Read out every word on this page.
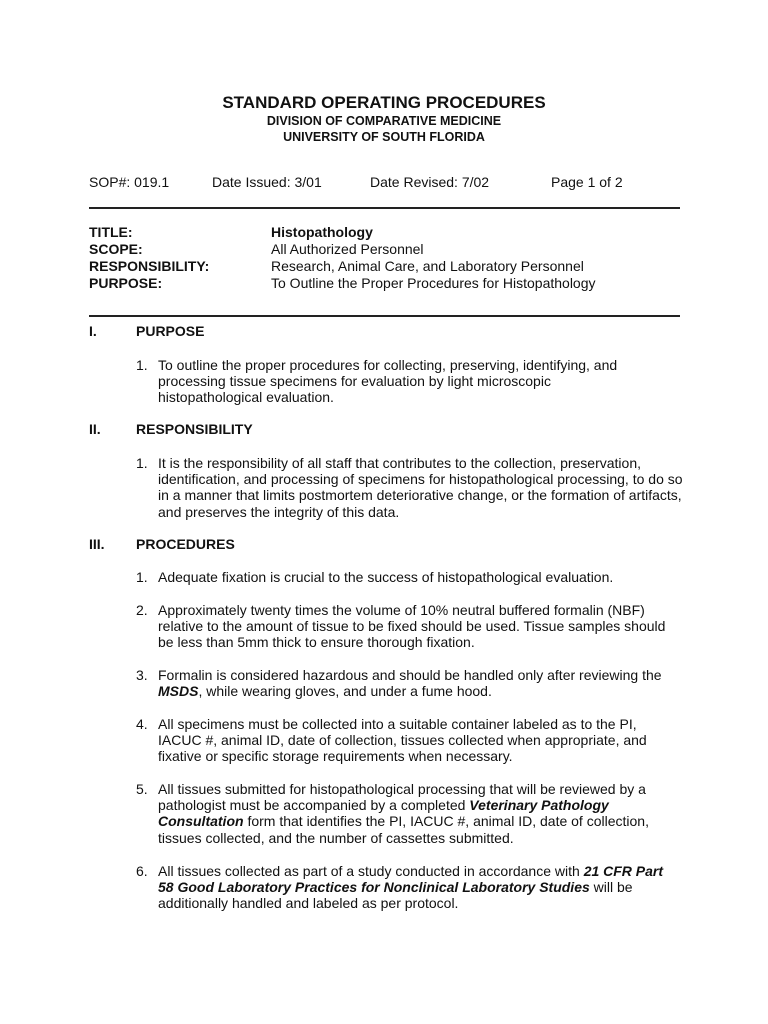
STANDARD OPERATING PROCEDURES
DIVISION OF COMPARATIVE MEDICINE
UNIVERSITY OF SOUTH FLORIDA
SOP#: 019.1	Date Issued: 3/01	Date Revised: 7/02	Page 1 of 2
TITLE:	Histopathology
SCOPE:	All Authorized Personnel
RESPONSIBILITY:	Research, Animal Care, and Laboratory Personnel
PURPOSE:	To Outline the Proper Procedures for Histopathology
I.	PURPOSE
1. To outline the proper procedures for collecting, preserving, identifying, and processing tissue specimens for evaluation by light microscopic histopathological evaluation.
II.	RESPONSIBILITY
1. It is the responsibility of all staff that contributes to the collection, preservation, identification, and processing of specimens for histopathological processing, to do so in a manner that limits postmortem deteriorative change, or the formation of artifacts, and preserves the integrity of this data.
III. PROCEDURES
1. Adequate fixation is crucial to the success of histopathological evaluation.
2. Approximately twenty times the volume of 10% neutral buffered formalin (NBF) relative to the amount of tissue to be fixed should be used. Tissue samples should be less than 5mm thick to ensure thorough fixation.
3. Formalin is considered hazardous and should be handled only after reviewing the MSDS, while wearing gloves, and under a fume hood.
4. All specimens must be collected into a suitable container labeled as to the PI, IACUC #, animal ID, date of collection, tissues collected when appropriate, and fixative or specific storage requirements when necessary.
5. All tissues submitted for histopathological processing that will be reviewed by a pathologist must be accompanied by a completed Veterinary Pathology Consultation form that identifies the PI, IACUC #, animal ID, date of collection, tissues collected, and the number of cassettes submitted.
6. All tissues collected as part of a study conducted in accordance with 21 CFR Part 58 Good Laboratory Practices for Nonclinical Laboratory Studies will be additionally handled and labeled as per protocol.
